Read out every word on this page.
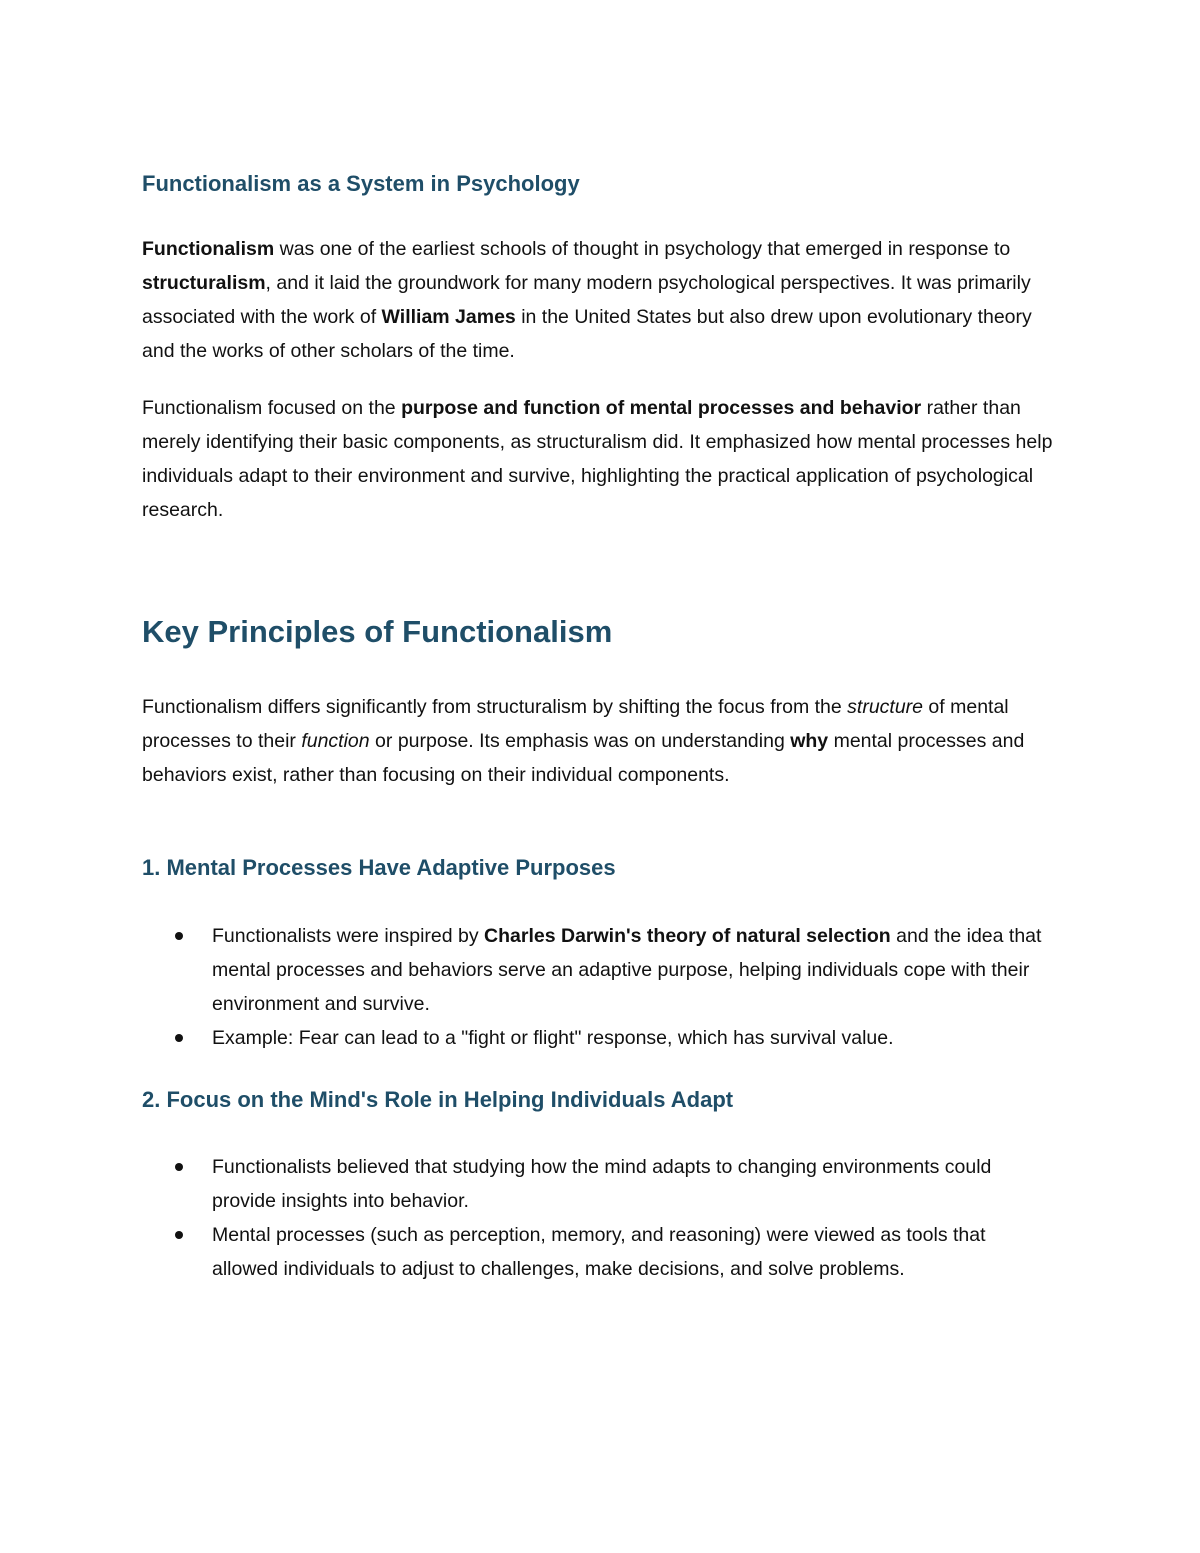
Functionalism as a System in Psychology

Functionalism was one of the earliest schools of thought in psychology that emerged in response to structuralism, and it laid the groundwork for many modern psychological perspectives. It was primarily associated with the work of William James in the United States but also drew upon evolutionary theory and the works of other scholars of the time.

Functionalism focused on the purpose and function of mental processes and behavior rather than merely identifying their basic components, as structuralism did. It emphasized how mental processes help individuals adapt to their environment and survive, highlighting the practical application of psychological research.

Key Principles of Functionalism

Functionalism differs significantly from structuralism by shifting the focus from the structure of mental processes to their function or purpose. Its emphasis was on understanding why mental processes and behaviors exist, rather than focusing on their individual components.

1. Mental Processes Have Adaptive Purposes
Functionalists were inspired by Charles Darwin's theory of natural selection and the idea that mental processes and behaviors serve an adaptive purpose, helping individuals cope with their environment and survive.
Example: Fear can lead to a "fight or flight" response, which has survival value.
2. Focus on the Mind's Role in Helping Individuals Adapt
Functionalists believed that studying how the mind adapts to changing environments could provide insights into behavior.
Mental processes (such as perception, memory, and reasoning) were viewed as tools that allowed individuals to adjust to challenges, make decisions, and solve problems.
